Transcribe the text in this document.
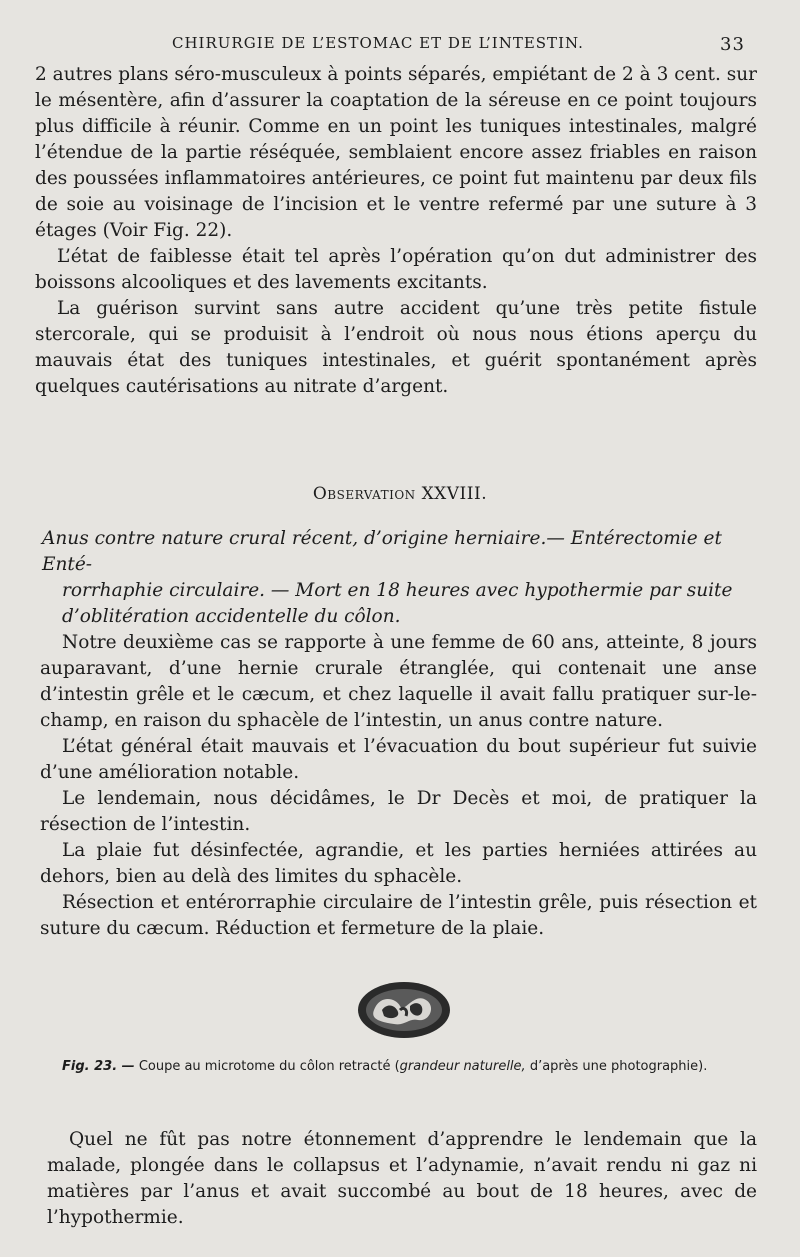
CHIRURGIE DE L’ESTOMAC ET DE L’INTESTIN.	33

2 autres plans séro-musculeux à points séparés, empiétant de 2 à 3 cent. sur le mésentère, afin d’assurer la coaptation de la séreuse en ce point toujours plus difficile à réunir. Comme en un point les tuniques intestinales, malgré l’étendue de la partie réséquée, semblaient encore assez friables en raison des poussées inflammatoires antérieures, ce point fut maintenu par deux fils de soie au voisinage de l’incision et le ventre refermé par une suture à 3 étages (Voir Fig. 22).

L’état de faiblesse était tel après l’opération qu’on dut administrer des boissons alcooliques et des lavements excitants.

La guérison survint sans autre accident qu’une très petite fistule stercorale, qui se produisit à l’endroit où nous nous étions aperçu du mauvais état des tuniques intestinales, et guérit spontanément après quelques cautérisations au nitrate d’argent.

Observation XXVIII.
Anus contre nature crural récent, d’origine herniaire.— Entérectomie et Enté-
rorrhaphie circulaire. — Mort en 18 heures avec hypothermie par suite
d’oblitération accidentelle du côlon.

Notre deuxième cas se rapporte à une femme de 60 ans, atteinte, 8 jours auparavant, d’une hernie crurale étranglée, qui contenait une anse d’intestin grêle et le cæcum, et chez laquelle il avait fallu pratiquer sur-le-champ, en raison du sphacèle de l’intestin, un anus contre nature.

L’état général était mauvais et l’évacuation du bout supérieur fut suivie d’une amélioration notable.

Le lendemain, nous décidâmes, le Dr Decès et moi, de pratiquer la résection de l’intestin.

La plaie fut désinfectée, agrandie, et les parties herniées attirées au dehors, bien au delà des limites du sphacèle.

Résection et entérorraphie circulaire de l’intestin grêle, puis résection et suture du cæcum. Réduction et fermeture de la plaie.

Fig. 23. — Coupe au microtome du côlon retracté (grandeur naturelle, d’après une photographie).

Quel ne fût pas notre étonnement d’apprendre le lendemain que la malade, plongée dans le collapsus et l’adynamie, n’avait rendu ni gaz ni matières par l’anus et avait succombé au bout de 18 heures, avec de l’hypothermie.
